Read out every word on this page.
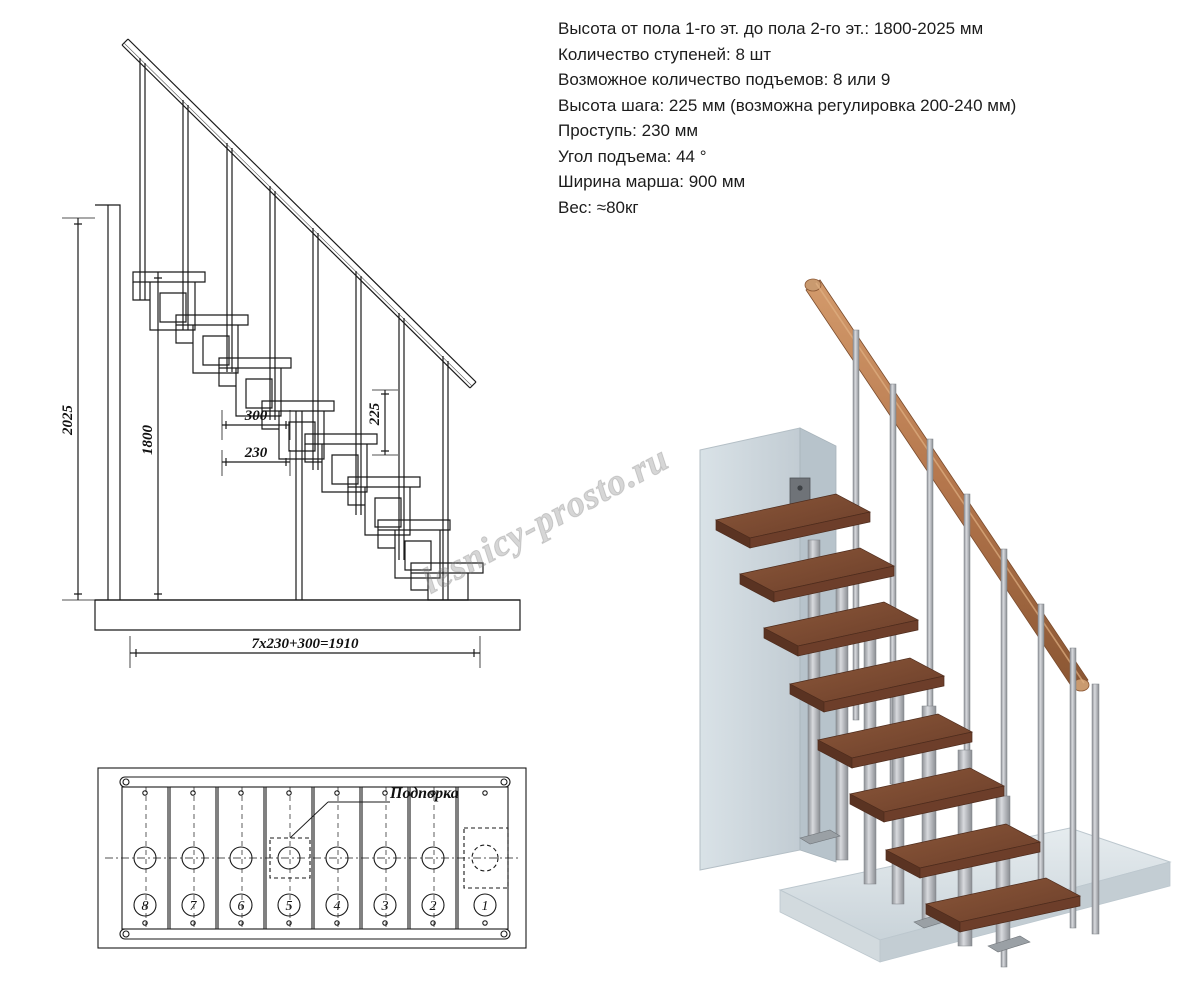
Высота от пола 1-го эт. до пола 2-го эт.: 1800-2025 мм
Количество ступеней: 8 шт
Возможное количество подъемов: 8 или 9
Высота шага: 225 мм (возможна регулировка 200-240 мм)
Проступь: 230 мм
Угол подъема: 44 °
Ширина марша: 900 мм
Вес: ≈80кг
2025
1800
300
230
225
7x230+300=1910
lesnicy-prosto.ru
Подпорка
8	7	6	5	4	3	2	1
